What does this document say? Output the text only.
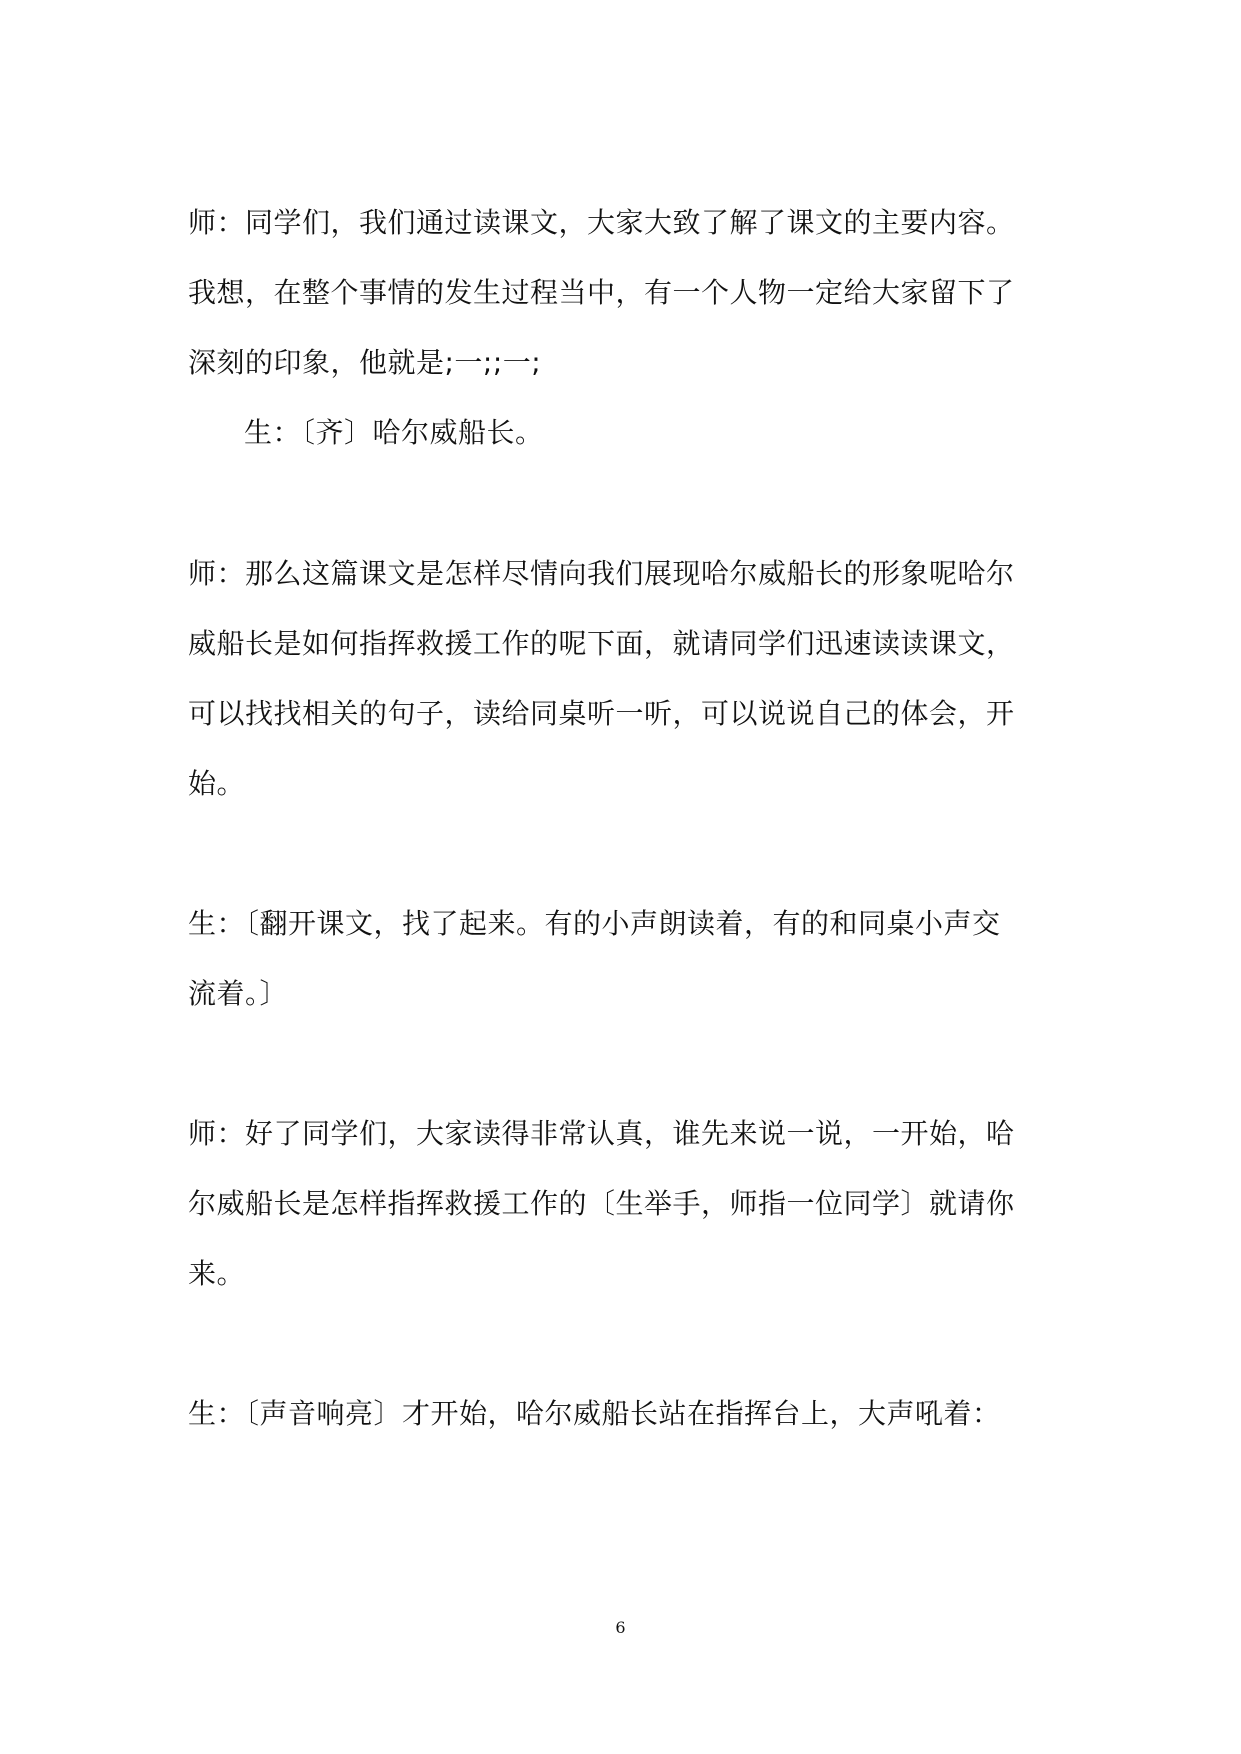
师：同学们，我们通过读课文，大家大致了解了课文的主要内容。
我想，在整个事情的发生过程当中，有一个人物一定给大家留下了
深刻的印象，他就是;一;;一;
生：〔齐〕哈尔威船长。
师：那么这篇课文是怎样尽情向我们展现哈尔威船长的形象呢哈尔
威船长是如何指挥救援工作的呢下面，就请同学们迅速读读课文，
可以找找相关的句子，读给同桌听一听，可以说说自己的体会，开
始。
生：〔翻开课文，找了起来。有的小声朗读着，有的和同桌小声交
流着。〕
师：好了同学们，大家读得非常认真，谁先来说一说，一开始，哈
尔威船长是怎样指挥救援工作的〔生举手，师指一位同学〕就请你
来。
生：〔声音响亮〕才开始，哈尔威船长站在指挥台上，大声吼着：
6
